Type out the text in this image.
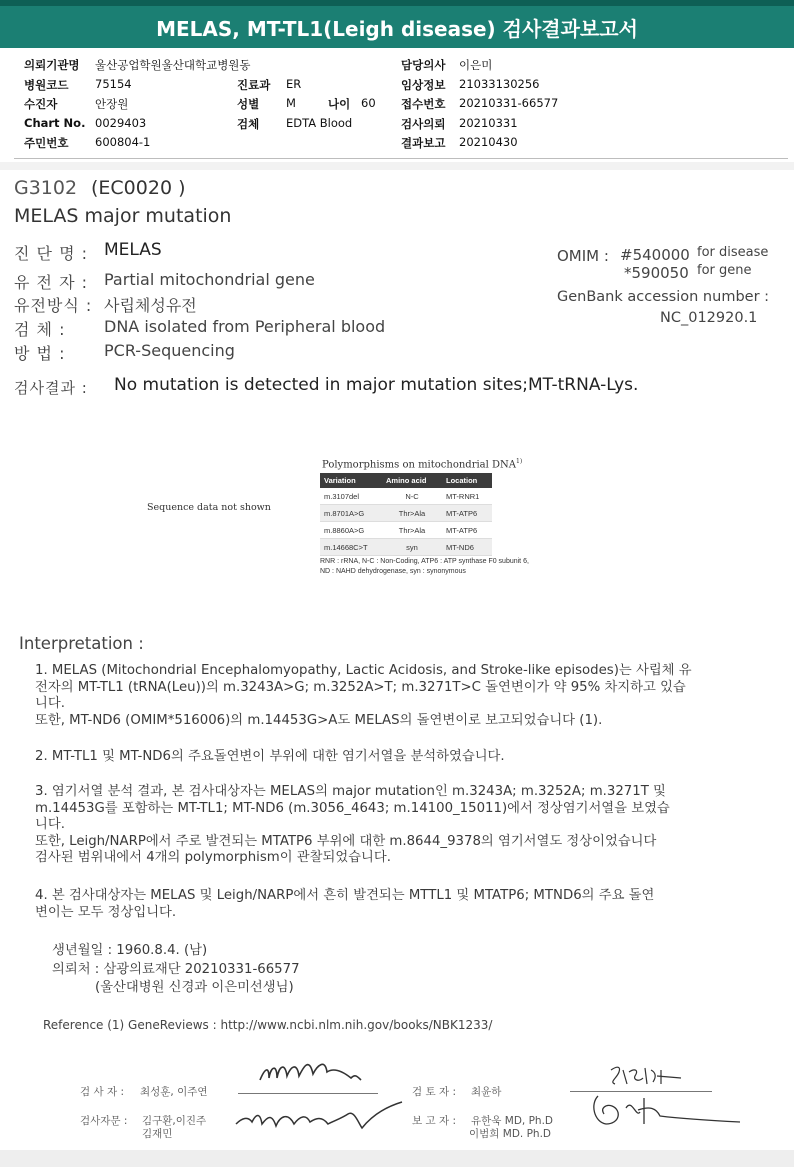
MELAS, MT-TL1(Leigh disease) 검사결과보고서
의뢰기관명 울산공업학원울산대학교병원동
병원코드 75154	진료과 ER
수진자	안장원	성별 M	나이 60
Chart No. 0029403	검체 EDTA Blood
주민번호 600804-1
담당의사 이은미
임상정보 21033130256
접수번호 20210331-66577
검사의뢰 20210331
결과보고 20210430
G3102 (EC0020 )
MELAS major mutation
진 단 명 : MELAS
유 전 자 : Partial mitochondrial gene
유전방식 : 사립체성유전
검 체 : DNA isolated from Peripheral blood
방 법 : PCR-Sequencing
OMIM : #540000 for disease
*590050 for gene
GenBank accession number :
NC_012920.1
검사결과 : No mutation is detected in major mutation sites;MT-tRNA-Lys.
Sequence data not shown
Polymorphisms on mitochondrial DNA$^{1)}$
Variation	Amino acid	Location
m.3107del	N-C	MT-RNR1
m.8701A>G	Thr>Ala	MT-ATP6
m.8860A>G	Thr>Ala	MT-ATP6
m.14668C>T	syn	MT-ND6
RNR : rRNA, N-C : Non-Coding, ATP6 : ATP synthase F0 subunit 6,
ND : NAHD dehydrogenase, syn : synonymous
Interpretation :
1. MELAS (Mitochondrial Encephalomyopathy, Lactic Acidosis, and Stroke-like episodes)는 사립체 유
전자의 MT-TL1 (tRNA(Leu))의 m.3243A>G; m.3252A>T; m.3271T>C 돌연변이가 약 95% 차지하고 있습
니다.
또한, MT-ND6 (OMIM*516006)의 m.14453G>A도 MELAS의 돌연변이로 보고되었습니다 (1).
2. MT-TL1 및 MT-ND6의 주요돌연변이 부위에 대한 염기서열을 분석하였습니다.
3. 염기서열 분석 결과, 본 검사대상자는 MELAS의 major mutation인 m.3243A; m.3252A; m.3271T 및
m.14453G를 포함하는 MT-TL1; MT-ND6 (m.3056_4643; m.14100_15011)에서 정상염기서열을 보였습
니다.
또한, Leigh/NARP에서 주로 발견되는 MTATP6 부위에 대한 m.8644_9378의 염기서열도 정상이었습니다
검사된 범위내에서 4개의 polymorphism이 관찰되었습니다.
4. 본 검사대상자는 MELAS 및 Leigh/NARP에서 흔히 발견되는 MTTL1 및 MTATP6; MTND6의 주요 돌연
변이는 모두 정상입니다.
생년월일 : 1960.8.4. (남)
의뢰처 : 삼광의료재단 20210331-66577
(울산대병원 신경과 이은미선생님)
Reference (1) GeneReviews : http://www.ncbi.nlm.nih.gov/books/NBK1233/
검 사 자 : 최성훈, 이주연	검 토 자 : 최윤하
검사자문 : 김구환,이진주
김재민
보 고 자 : 유한욱 MD, Ph.D
이범희 MD. Ph.D
